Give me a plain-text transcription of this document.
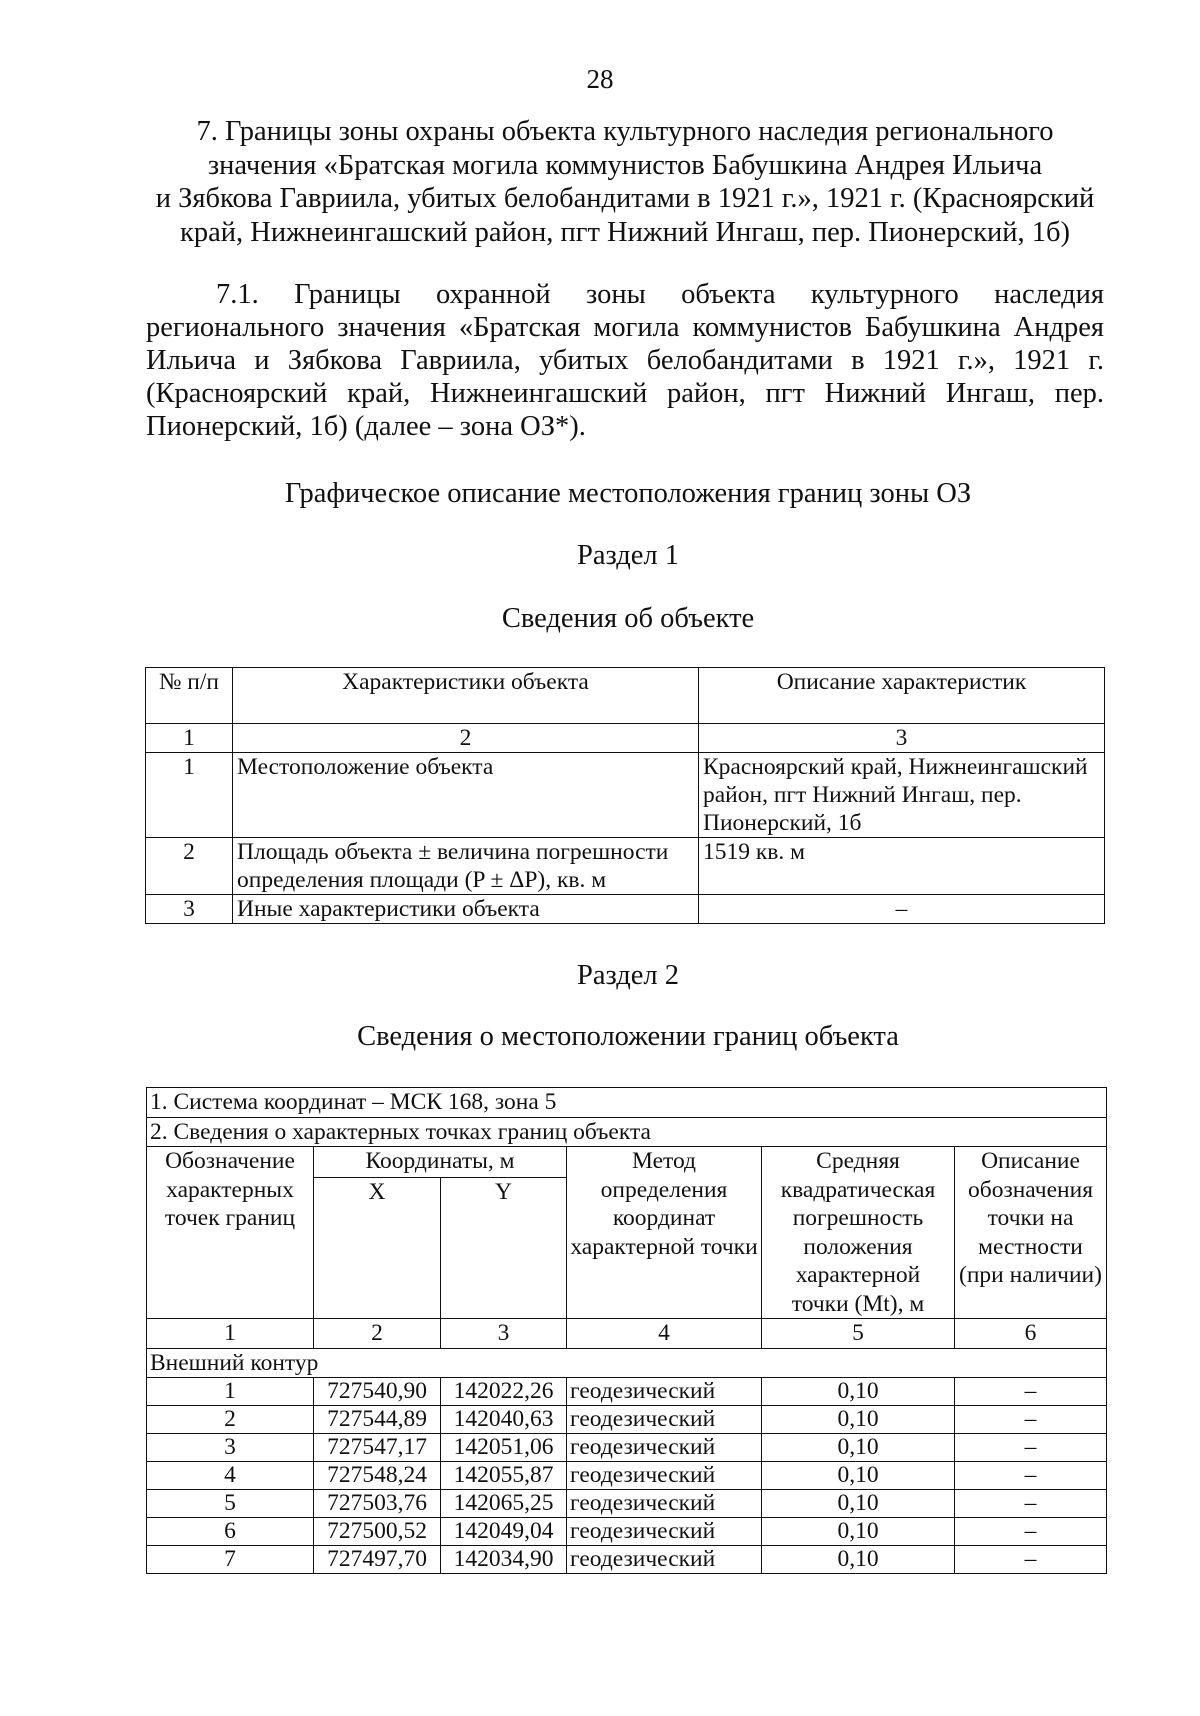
28
7. Границы зоны охраны объекта культурного наследия регионального
значения «Братская могила коммунистов Бабушкина Андрея Ильича
и Зябкова Гавриила, убитых белобандитами в 1921 г.», 1921 г. (Красноярский
край, Нижнеингашский район, пгт Нижний Ингаш, пер. Пионерский, 1б)
7.1. Границы охранной зоны объекта культурного наследия регионального значения «Братская могила коммунистов Бабушкина Андрея Ильича и Зябкова Гавриила, убитых белобандитами в 1921 г.», 1921 г. (Красноярский край, Нижнеингашский район, пгт Нижний Ингаш, пер. Пионерский, 1б) (далее – зона ОЗ*).
Графическое описание местоположения границ зоны ОЗ
Раздел 1
Сведения об объекте
№ п/п	Характеристики объекта	Описание характеристик
1	2	3
1	Местоположение объекта	Красноярский край, Нижнеингашский район, пгт Нижний Ингаш, пер. Пионерский, 1б
2	Площадь объекта ± величина погрешности определения площади (P ± ΔP), кв. м	1519 кв. м
3	Иные характеристики объекта	–
Раздел 2
Сведения о местоположении границ объекта
1. Система координат – МСК 168, зона 5					
2. Сведения о характерных точках границ объекта					
Обозначение характерных точек границ	Координаты, м		Метод определения координат характерной точки	Средняя квадратическая погрешность положения характерной точки (Mt), м	Описание обозначения точки на местности (при наличии)
	X	Y			
1	2	3	4	5	6
Внешний контур					
1	727540,90	142022,26	геодезический	0,10	–
2	727544,89	142040,63	геодезический	0,10	–
3	727547,17	142051,06	геодезический	0,10	–
4	727548,24	142055,87	геодезический	0,10	–
5	727503,76	142065,25	геодезический	0,10	–
6	727500,52	142049,04	геодезический	0,10	–
7	727497,70	142034,90	геодезический	0,10	–
